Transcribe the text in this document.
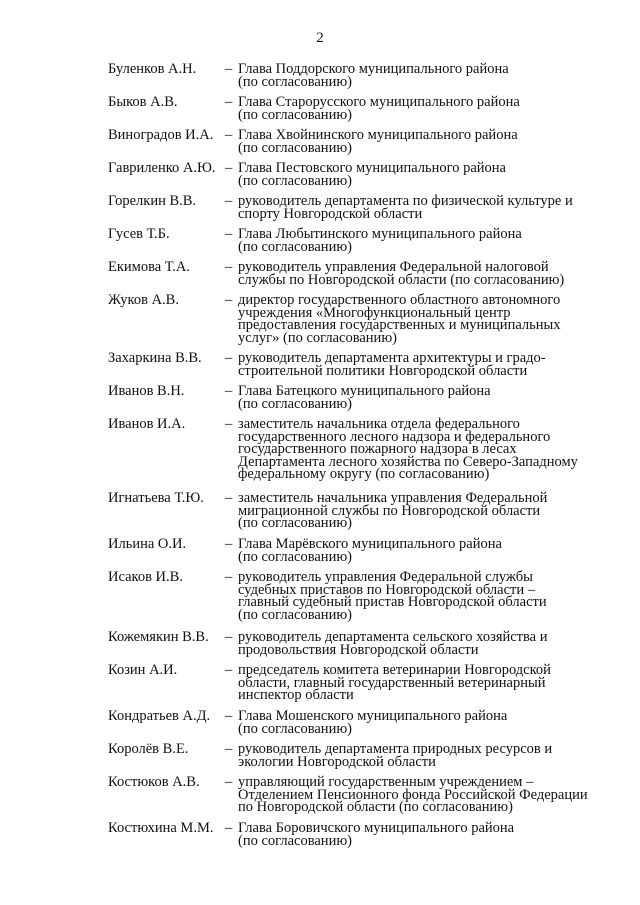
2
Буленков А.Н. – Глава Поддорского муниципального района
(по согласованию)
Быков А.В.	– Глава Старорусского муниципального района
(по согласованию)
Виноградов И.А. – Глава Хвойнинского муниципального района
(по согласованию)
Гавриленко А.Ю. – Глава Пестовского муниципального района
(по согласованию)
Горелкин В.В. – руководитель департамента по физической культуре и
спорту Новгородской области
Гусев Т.Б.	– Глава Любытинского муниципального района
(по согласованию)
Екимова Т.А. – руководитель управления Федеральной налоговой
службы по Новгородской области (по согласованию)
Жуков А.В.	– директор государственного областного автономного
учреждения «Многофункциональный центр
предоставления государственных и муниципальных
услуг» (по согласованию)
Захаркина В.В. – руководитель департамента архитектуры и градо-
строительной политики Новгородской области
Иванов В.Н.	– Глава Батецкого муниципального района
(по согласованию)
Иванов И.А.	– заместитель начальника отдела федерального
государственного лесного надзора и федерального
государственного пожарного надзора в лесах
Департамента лесного хозяйства по Северо-Западному
федеральному округу (по согласованию)
Игнатьева Т.Ю. – заместитель начальника управления Федеральной
миграционной службы по Новгородской области
(по согласованию)
Ильина О.И.	– Глава Марёвского муниципального района
(по согласованию)
Исаков И.В.	– руководитель управления Федеральной службы
судебных приставов по Новгородской области –
главный судебный пристав Новгородской области
(по согласованию)
Кожемякин В.В. – руководитель департамента сельского хозяйства и
продовольствия Новгородской области
Козин А.И.	– председатель комитета ветеринарии Новгородской
области, главный государственный ветеринарный
инспектор области
Кондратьев А.Д. – Глава Мошенского муниципального района
(по согласованию)
Королёв В.Е.	– руководитель департамента природных ресурсов и
экологии Новгородской области
Костюков А.В. – управляющий государственным учреждением –
Отделением Пенсионного фонда Российской Федерации
по Новгородской области (по согласованию)
Костюхина М.М. – Глава Боровичского муниципального района
(по согласованию)
